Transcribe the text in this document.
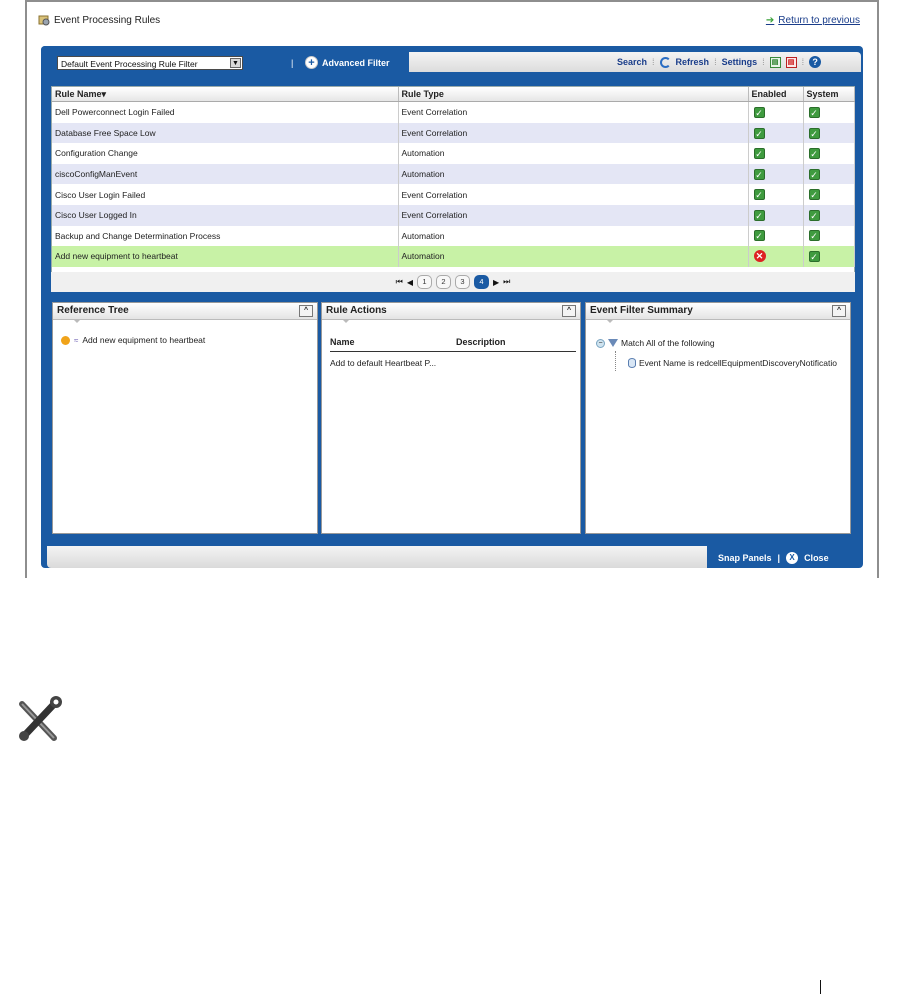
Event Processing Rules	➔ Return to previous
Default Event Processing Rule Filter	▼	| + Advanced Filter	Search ⁞ Refresh ⁞ Settings ⁞	▤	▤ ⁞ ?
Rule Name▾	Rule Type	Enabled	System
Dell Powerconnect Login Failed	Event Correlation	✓	✓
Database Free Space Low	Event Correlation	✓	✓
Configuration Change	Automation	✓	✓
ciscoConfigManEvent	Automation	✓	✓
Cisco User Login Failed	Event Correlation	✓	✓
Cisco User Logged In	Event Correlation	✓	✓
Backup and Change Determination Process	Automation	✓	✓
Add new equipment to heartbeat	Automation	✕	✓
⏮ ◀	1	2	3	4	▶ ⏭
Reference Tree	^
≈ Add new equipment to heartbeat
Rule Actions	^
Name	Description
Add to default Heartbeat P...
Event Filter Summary	^
− Match All of the following
Event Name is redcellEquipmentDiscoveryNotificatio
Snap Panels |	X	Close
